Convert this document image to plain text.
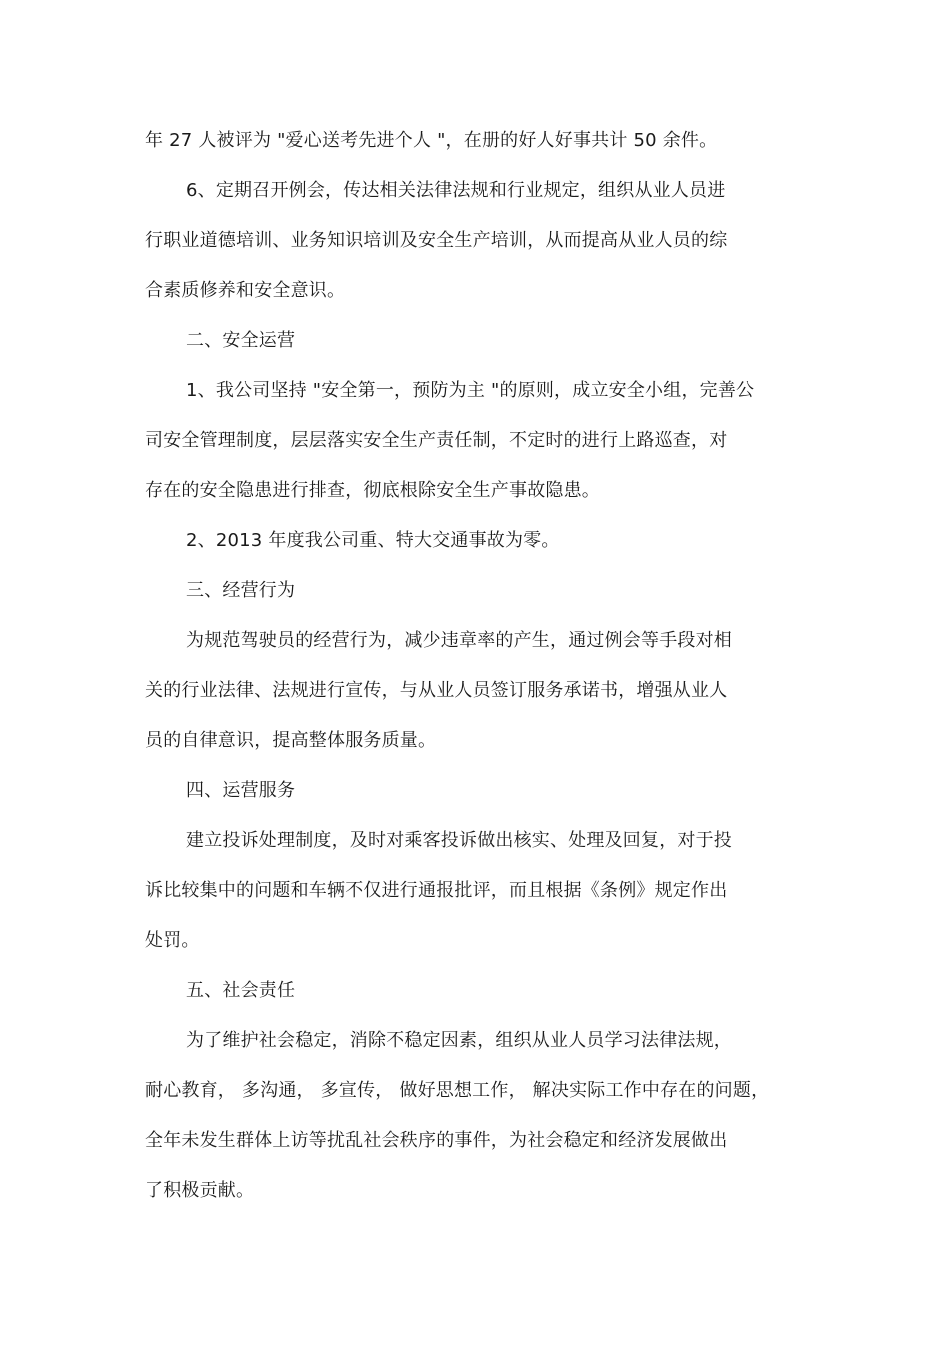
年 27 人被评为 "爱心送考先进个人 "，在册的好人好事共计 50 余件。
6、定期召开例会，传达相关法律法规和行业规定，组织从业人员进
行职业道德培训、业务知识培训及安全生产培训，从而提高从业人员的综
合素质修养和安全意识。
二、安全运营
1、我公司坚持 "安全第一，预防为主 "的原则，成立安全小组，完善公
司安全管理制度，层层落实安全生产责任制，不定时的进行上路巡查，对
存在的安全隐患进行排查，彻底根除安全生产事故隐患。
2、2013 年度我公司重、特大交通事故为零。
三、经营行为
为规范驾驶员的经营行为，减少违章率的产生，通过例会等手段对相
关的行业法律、法规进行宣传，与从业人员签订服务承诺书，增强从业人
员的自律意识，提高整体服务质量。
四、运营服务
建立投诉处理制度，及时对乘客投诉做出核实、处理及回复，对于投
诉比较集中的问题和车辆不仅进行通报批评，而且根据《条例》规定作出
处罚。
五、社会责任
为了维护社会稳定，消除不稳定因素，组织从业人员学习法律法规，
耐心教育， 多沟通， 多宣传， 做好思想工作， 解决实际工作中存在的问题，
全年未发生群体上访等扰乱社会秩序的事件，为社会稳定和经济发展做出
了积极贡献。
